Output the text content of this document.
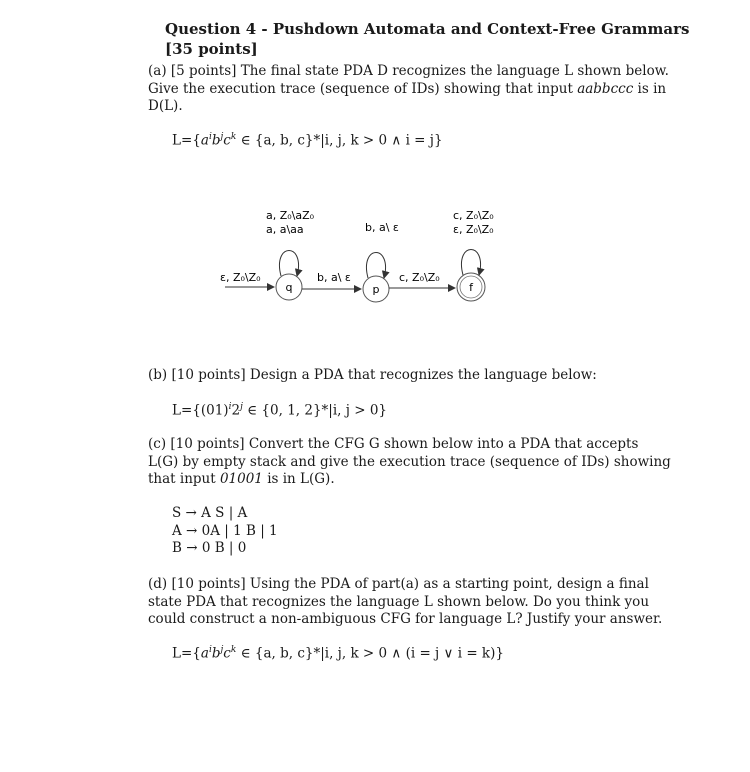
Question 4 - Pushdown Automata and Context-Free Grammars
[35 points]
(a) [5 points] The final state PDA D recognizes the language L shown below.
Give the execution trace (sequence of IDs) showing that input aabbccc is in
D(L).
$L=\{a^ib^jc^k$ ∈ {a, b, c}*|i, j, k > 0 ∧ i = j}
ε, Z₀\Z₀
q
a, Z₀\aZ₀
a, a\aa
b, a\ ε
p
b, a\ ε
c, Z₀\Z₀
f
c, Z₀\Z₀
ε, Z₀\Z₀
(b) [10 points] Design a PDA that recognizes the language below:
$L=\{(01)^i2^j$ ∈ {0, 1, 2}*|i, j > 0}
(c) [10 points] Convert the CFG G shown below into a PDA that accepts
L(G) by empty stack and give the execution trace (sequence of IDs) showing
that input 01001 is in L(G).
S → A S | A
A → 0A | 1 B | 1
B → 0 B | 0
(d) [10 points] Using the PDA of part(a) as a starting point, design a final
state PDA that recognizes the language L shown below. Do you think you
could construct a non-ambiguous CFG for language L? Justify your answer.
$L=\{a^ib^jc^k$ ∈ {a, b, c}*|i, j, k > 0 ∧ (i = j ∨ i = k)}
